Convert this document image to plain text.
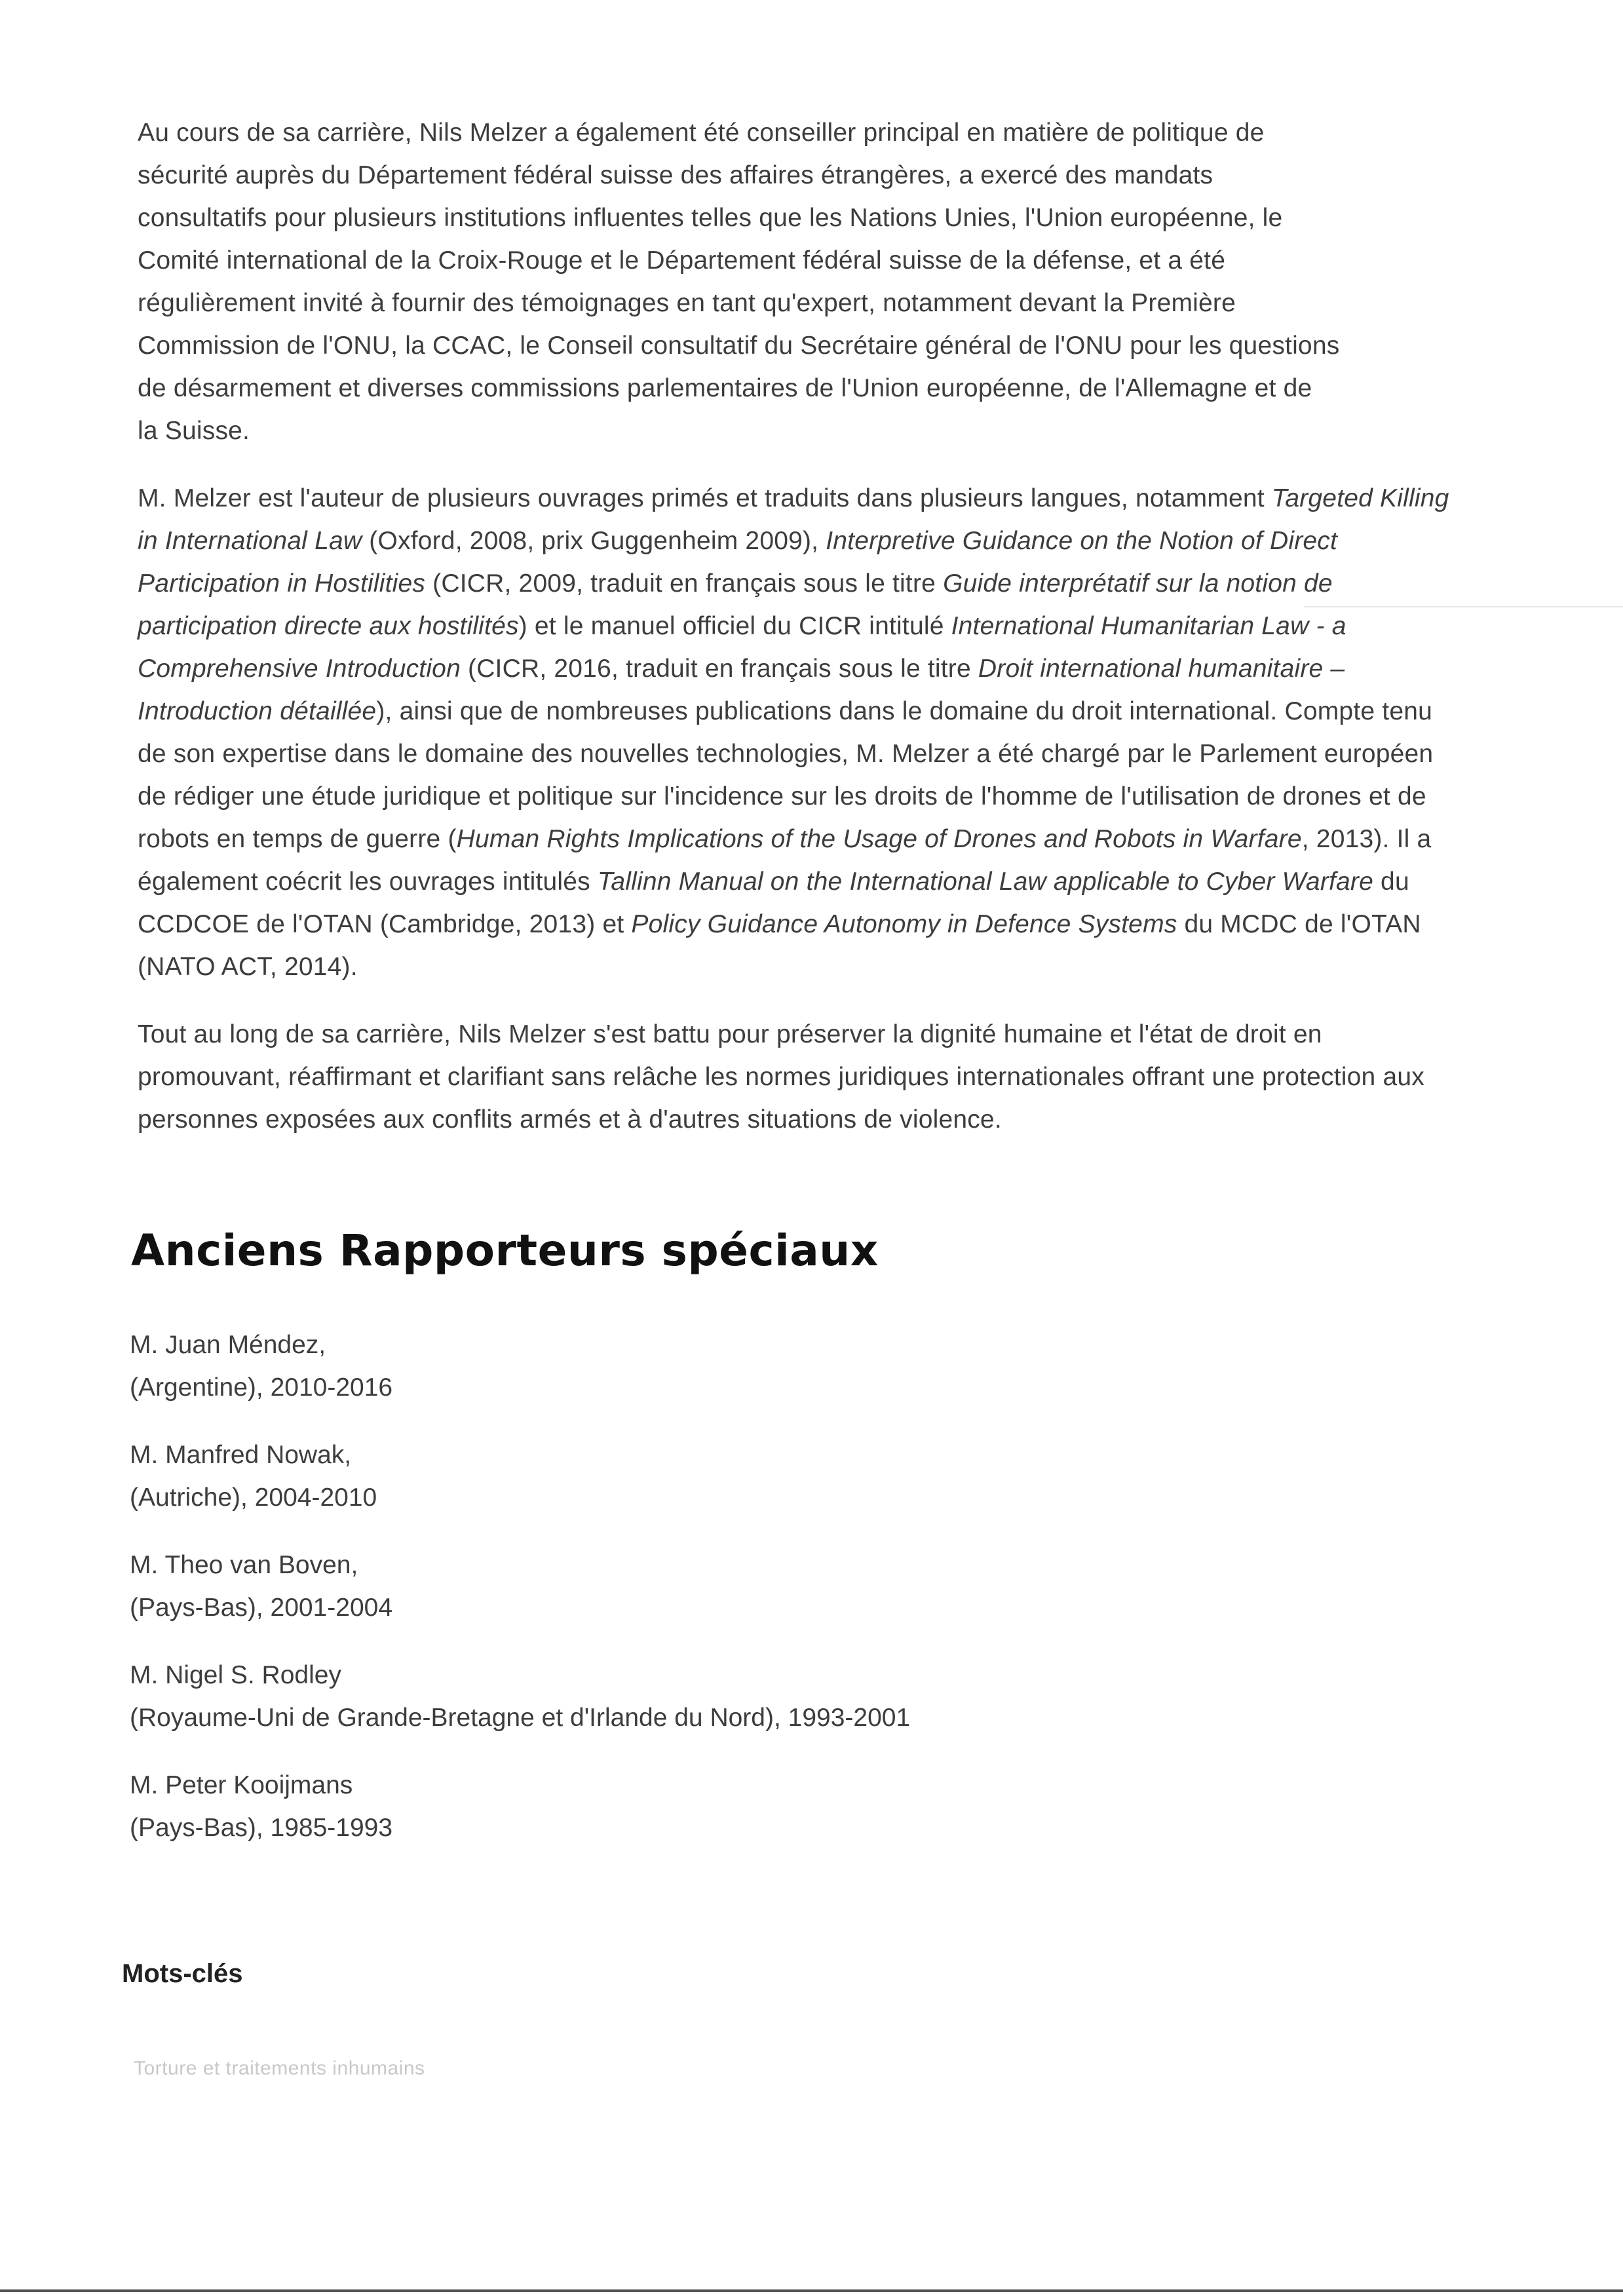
Au cours de sa carrière, Nils Melzer a également été conseiller principal en matière de politique de
sécurité auprès du Département fédéral suisse des affaires étrangères, a exercé des mandats
consultatifs pour plusieurs institutions influentes telles que les Nations Unies, l'Union européenne, le
Comité international de la Croix-Rouge et le Département fédéral suisse de la défense, et a été
régulièrement invité à fournir des témoignages en tant qu'expert, notamment devant la Première
Commission de l'ONU, la CCAC, le Conseil consultatif du Secrétaire général de l'ONU pour les questions
de désarmement et diverses commissions parlementaires de l'Union européenne, de l'Allemagne et de
la Suisse.

M. Melzer est l'auteur de plusieurs ouvrages primés et traduits dans plusieurs langues, notamment Targeted Killing in International Law (Oxford, 2008, prix Guggenheim 2009), Interpretive Guidance on the Notion of Direct Participation in Hostilities (CICR, 2009, traduit en français sous le titre Guide interprétatif sur la notion de participation directe aux hostilités) et le manuel officiel du CICR intitulé International Humanitarian Law - a Comprehensive Introduction (CICR, 2016, traduit en français sous le titre Droit international humanitaire – Introduction détaillée), ainsi que de nombreuses publications dans le domaine du droit international. Compte tenu de son expertise dans le domaine des nouvelles technologies, M. Melzer a été chargé par le Parlement européen de rédiger une étude juridique et politique sur l'incidence sur les droits de l'homme de l'utilisation de drones et de robots en temps de guerre (Human Rights Implications of the Usage of Drones and Robots in Warfare, 2013). Il a également coécrit les ouvrages intitulés Tallinn Manual on the International Law applicable to Cyber Warfare du CCDCOE de l'OTAN (Cambridge, 2013) et Policy Guidance Autonomy in Defence Systems du MCDC de l'OTAN (NATO ACT, 2014).

Tout au long de sa carrière, Nils Melzer s'est battu pour préserver la dignité humaine et l'état de droit en promouvant, réaffirmant et clarifiant sans relâche les normes juridiques internationales offrant une protection aux personnes exposées aux conflits armés et à d'autres situations de violence.

Anciens Rapporteurs spéciaux
M. Juan Méndez,
(Argentine), 2010-2016
M. Manfred Nowak,
(Autriche), 2004-2010
M. Theo van Boven,
(Pays-Bas), 2001-2004
M. Nigel S. Rodley
(Royaume-Uni de Grande-Bretagne et d'Irlande du Nord), 1993-2001
M. Peter Kooijmans
(Pays-Bas), 1985-1993
Mots-clés
Torture et traitements inhumains
